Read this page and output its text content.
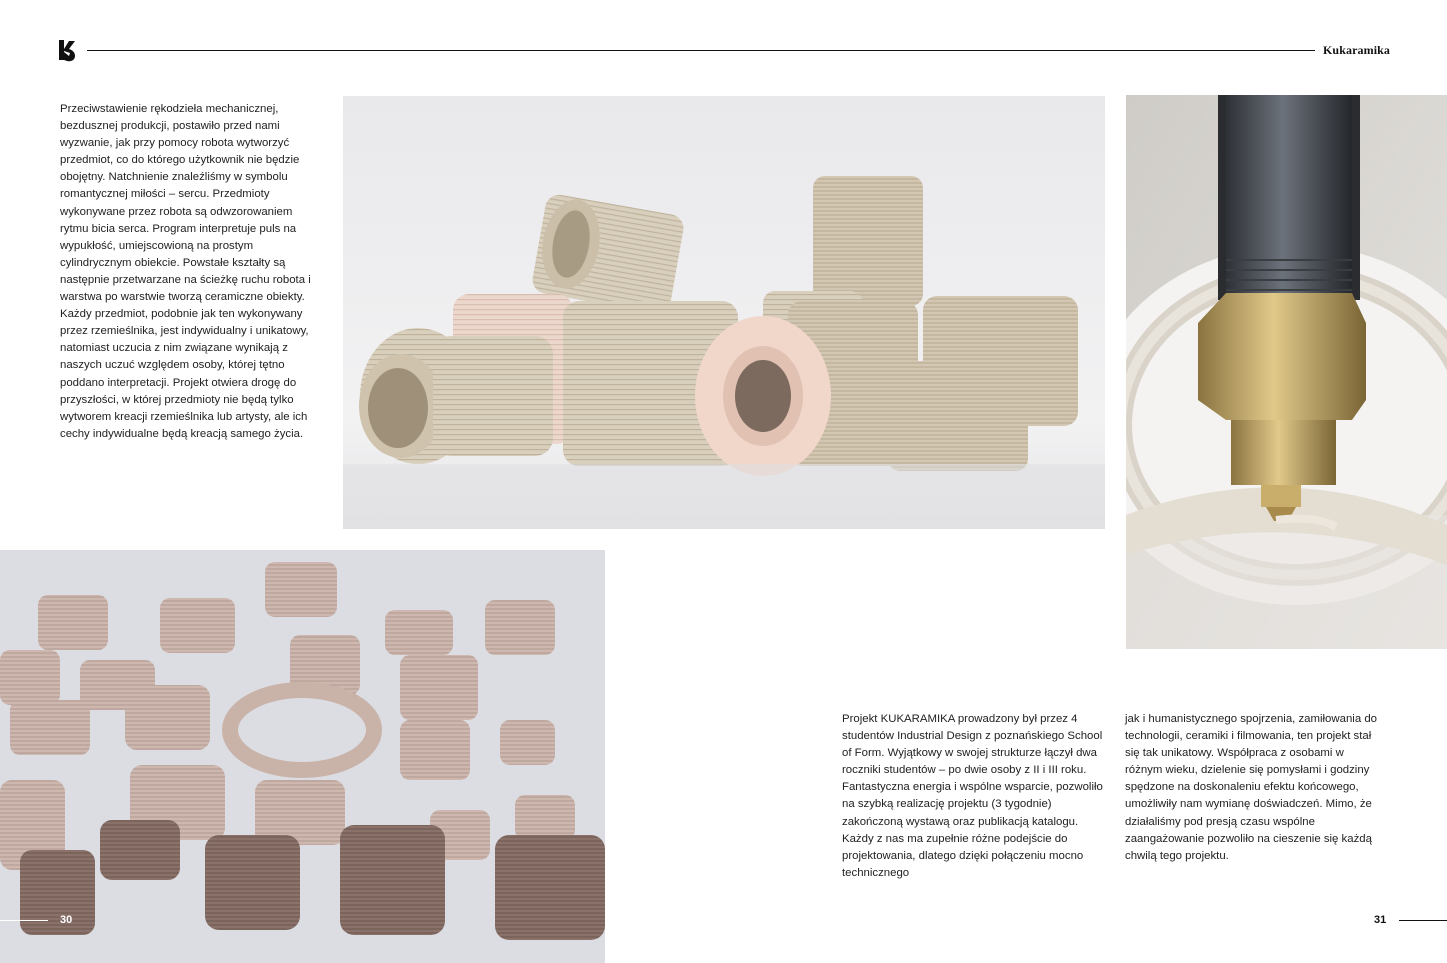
Kukaramika

Przeciwstawienie rękodzieła mechanicznej, bezdusznej produkcji, postawiło przed nami wyzwanie, jak przy pomocy robota wytworzyć przedmiot, co do którego użytkownik nie będzie obojętny. Natchnienie znaleźliśmy w symbolu romantycznej miłości – sercu. Przedmioty wykonywane przez robota są odwzorowaniem rytmu bicia serca. Program interpretuje puls na wypukłość, umiejscowioną na prostym cylindrycznym obiekcie. Powstałe kształty są następnie przetwarzane na ścieżkę ruchu robota i warstwa po warstwie tworzą ceramiczne obiekty. Każdy przedmiot, podobnie jak ten wykonywany przez rzemieślnika, jest indywidualny i unikatowy, natomiast uczucia z nim związane wynikają z naszych uczuć względem osoby, której tętno poddano interpretacji. Projekt otwiera drogę do przyszłości, w której przedmioty nie będą tylko wytworem kreacji rzemieślnika lub artysty, ale ich cechy indywidualne będą kreacją samego życia.

Projekt KUKARAMIKA prowadzony był przez 4 studentów Industrial Design z poznańskiego School of Form. Wyjątkowy w swojej strukturze łączył dwa roczniki studentów – po dwie osoby z II i III roku. Fantastyczna energia i wspólne wsparcie, pozwoliło na szybką realizację projektu (3 tygodnie) zakończoną wystawą oraz publikacją katalogu. Każdy z nas ma zupełnie różne podejście do projektowania, dlatego dzięki połączeniu mocno technicznego

jak i humanistycznego spojrzenia, zamiłowania do technologii, ceramiki i filmowania, ten projekt stał się tak unikatowy. Współpraca z osobami w różnym wieku, dzielenie się pomysłami i godziny spędzone na doskonaleniu efektu końcowego, umożliwiły nam wymianę doświadczeń. Mimo, że działaliśmy pod presją czasu wspólne zaangażowanie pozwoliło na cieszenie się każdą chwilą tego projektu.

30	31
